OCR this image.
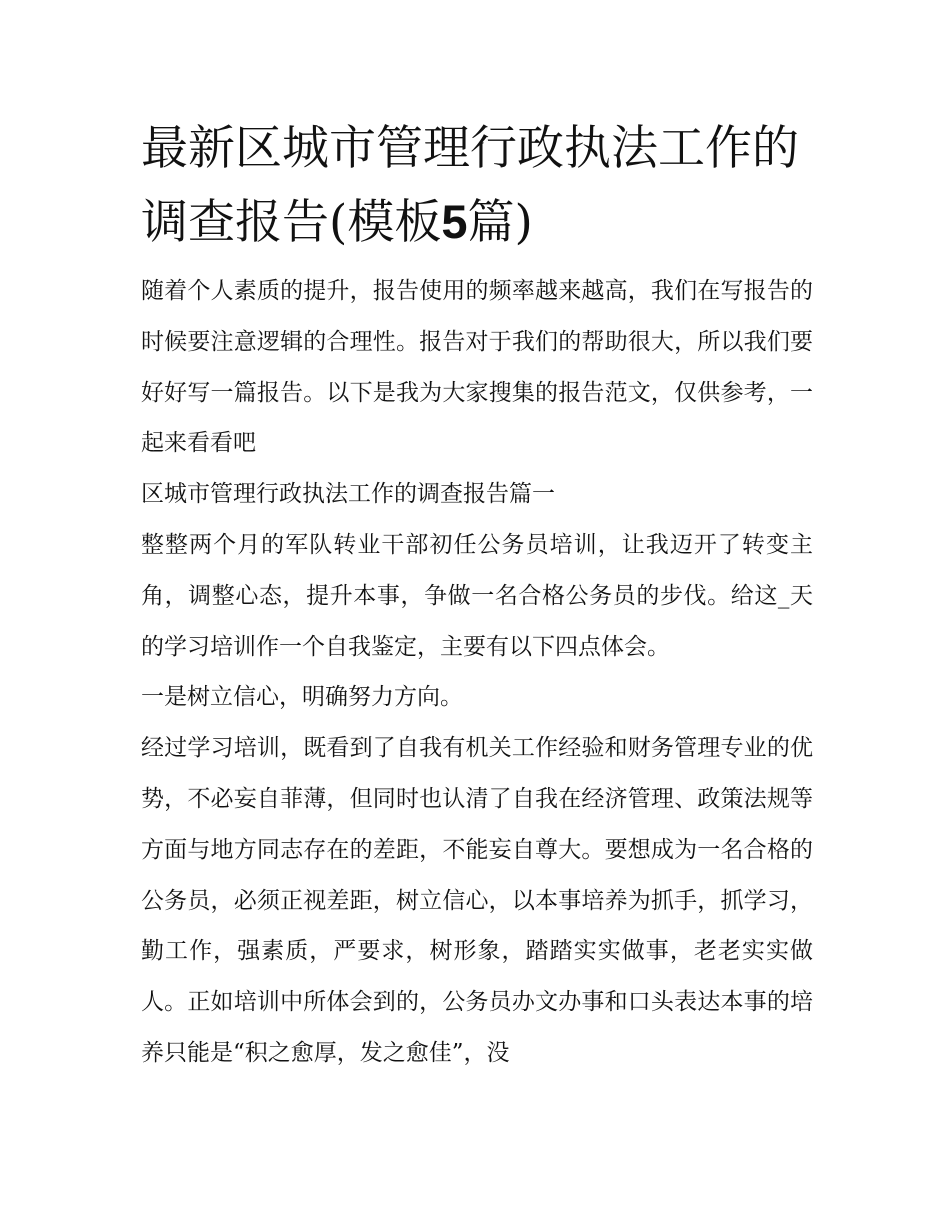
最新区城市管理行政执法工作的调查报告(模板5篇)

随着个人素质的提升，报告使用的频率越来越高，我们在写报告的时候要注意逻辑的合理性。报告对于我们的帮助很大，所以我们要好好写一篇报告。以下是我为大家搜集的报告范文，仅供参考，一起来看看吧

区城市管理行政执法工作的调查报告篇一

整整两个月的军队转业干部初任公务员培训，让我迈开了转变主角，调整心态，提升本事，争做一名合格公务员的步伐。给这_天的学习培训作一个自我鉴定，主要有以下四点体会。

一是树立信心，明确努力方向。

经过学习培训，既看到了自我有机关工作经验和财务管理专业的优势，不必妄自菲薄，但同时也认清了自我在经济管理、政策法规等方面与地方同志存在的差距，不能妄自尊大。要想成为一名合格的公务员，必须正视差距，树立信心，以本事培养为抓手，抓学习，勤工作，强素质，严要求，树形象，踏踏实实做事，老老实实做人。正如培训中所体会到的，公务员办文办事和口头表达本事的培养只能是“积之愈厚，发之愈佳”，没
